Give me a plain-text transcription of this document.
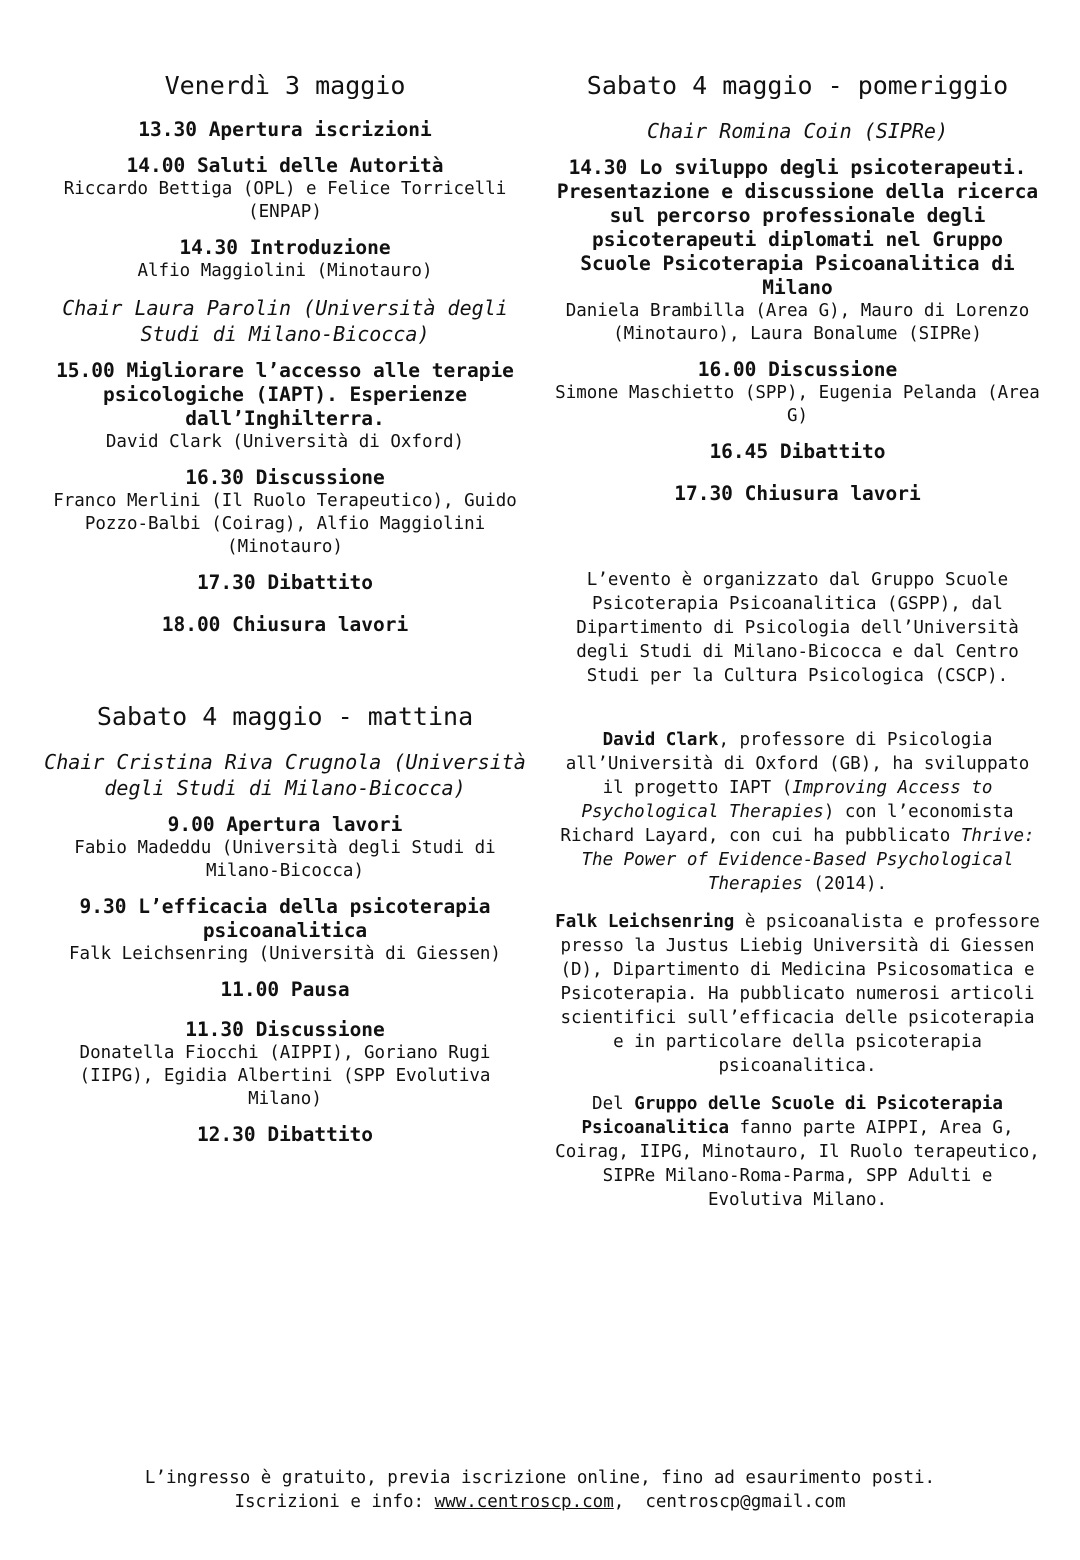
Venerdì 3 maggio
13.30 Apertura iscrizioni
14.00 Saluti delle Autorità
Riccardo Bettiga (OPL) e Felice Torricelli (ENPAP)
14.30 Introduzione
Alfio Maggiolini (Minotauro)
Chair Laura Parolin (Università degli Studi di Milano-Bicocca)
15.00 Migliorare l’accesso alle terapie psicologiche (IAPT). Esperienze dall’Inghilterra.
David Clark (Università di Oxford)
16.30 Discussione
Franco Merlini (Il Ruolo Terapeutico), Guido Pozzo-Balbi (Coirag), Alfio Maggiolini (Minotauro)
17.30 Dibattito
18.00 Chiusura lavori
Sabato 4 maggio - mattina
Chair Cristina Riva Crugnola (Università degli Studi di Milano-Bicocca)
9.00 Apertura lavori
Fabio Madeddu (Università degli Studi di Milano-Bicocca)
9.30 L’efficacia della psicoterapia psicoanalitica
Falk Leichsenring (Università di Giessen)
11.00 Pausa
11.30 Discussione
Donatella Fiocchi (AIPPI), Goriano Rugi (IIPG), Egidia Albertini (SPP Evolutiva Milano)
12.30 Dibattito
Sabato 4 maggio - pomeriggio
Chair Romina Coin (SIPRe)
14.30 Lo sviluppo degli psicoterapeuti. Presentazione e discussione della ricerca sul percorso professionale degli psicoterapeuti diplomati nel Gruppo Scuole Psicoterapia Psicoanalitica di Milano
Daniela Brambilla (Area G), Mauro di Lorenzo (Minotauro), Laura Bonalume (SIPRe)
16.00 Discussione
Simone Maschietto (SPP), Eugenia Pelanda (Area G)
16.45 Dibattito
17.30 Chiusura lavori

L’evento è organizzato dal Gruppo Scuole Psicoterapia Psicoanalitica (GSPP), dal Dipartimento di Psicologia dell’Università degli Studi di Milano-Bicocca e dal Centro Studi per la Cultura Psicologica (CSCP).

David Clark, professore di Psicologia all’Università di Oxford (GB), ha sviluppato il progetto IAPT (Improving Access to Psychological Therapies) con l’economista Richard Layard, con cui ha pubblicato Thrive: The Power of Evidence-Based Psychological Therapies (2014).

Falk Leichsenring è psicoanalista e professore presso la Justus Liebig Università di Giessen (D), Dipartimento di Medicina Psicosomatica e Psicoterapia. Ha pubblicato numerosi articoli scientifici sull’efficacia delle psicoterapia e in particolare della psicoterapia psicoanalitica.

Del Gruppo delle Scuole di Psicoterapia Psicoanalitica fanno parte AIPPI, Area G, Coirag, IIPG, Minotauro, Il Ruolo terapeutico, SIPRe Milano-Roma-Parma, SPP Adulti e Evolutiva Milano.

L’ingresso è gratuito, previa iscrizione online, fino ad esaurimento posti.
Iscrizioni e info: www.centroscp.com,  centroscp@gmail.com
